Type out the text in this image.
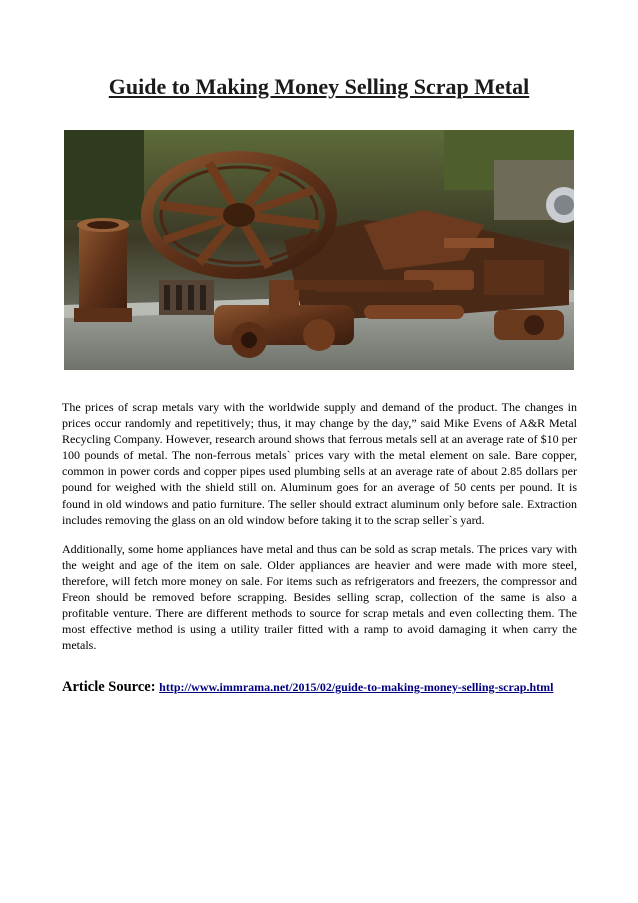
Guide to Making Money Selling Scrap Metal

The prices of scrap metals vary with the worldwide supply and demand of the product. The changes in prices occur randomly and repetitively; thus, it may change by the day,” said Mike Evens of A&R Metal Recycling Company. However, research around shows that ferrous metals sell at an average rate of $10 per 100 pounds of metal. The non-ferrous metals` prices vary with the metal element on sale. Bare copper, common in power cords and copper pipes used plumbing sells at an average rate of about 2.85 dollars per pound for weighed with the shield still on. Aluminum goes for an average of 50 cents per pound. It is found in old windows and patio furniture. The seller should extract aluminum only before sale. Extraction includes removing the glass on an old window before taking it to the scrap seller`s yard.

Additionally, some home appliances have metal and thus can be sold as scrap metals. The prices vary with the weight and age of the item on sale. Older appliances are heavier and were made with more steel, therefore, will fetch more money on sale. For items such as refrigerators and freezers, the compressor and Freon should be removed before scrapping. Besides selling scrap, collection of the same is also a profitable venture. There are different methods to source for scrap metals and even collecting them. The most effective method is using a utility trailer fitted with a ramp to avoid damaging it when carry the metals.

Article Source: http://www.immrama.net/2015/02/guide-to-making-money-selling-scrap.html
